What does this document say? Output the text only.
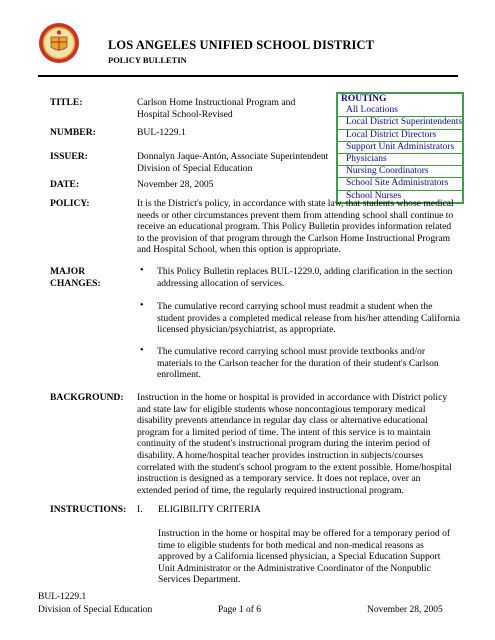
LOS ANGELES UNIFIED SCHOOL DISTRICT
POLICY BULLETIN
TITLE:	Carlson Home Instructional Program and
Hospital School-Revised
NUMBER:	BUL-1229.1
ISSUER:	Donnalyn Jaque-Antón, Associate Superintendent
Division of Special Education
DATE:	November 28, 2005
ROUTING
All Locations
Local District Superintendents
Local District Directors
Support Unit Administrators
Physicians
Nursing Coordinators
School Site Administrators
School Nurses
POLICY:	It is the District's policy, in accordance with state law, that students whose medical
needs or other circumstances prevent them from attending school shall continue to
receive an educational program. This Policy Bulletin provides information related
to the provision of that program through the Carlson Home Instructional Program
and Hospital School, when this option is appropriate.
MAJOR
CHANGES:
• This Policy Bulletin replaces BUL-1229.0, adding clarification in the section
addressing allocation of services.
• The cumulative record carrying school must readmit a student when the
student provides a completed medical release from his/her attending California
licensed physician/psychiatrist, as appropriate.
• The cumulative record carrying school must provide textbooks and/or
materials to the Carlson teacher for the duration of their student's Carlson
enrollment.
BACKGROUND: Instruction in the home or hospital is provided in accordance with District policy
and state law for eligible students whose noncontagious temporary medical
disability prevents attendance in regular day class or alternative educational
program for a limited period of time. The intent of this service is to maintain
continuity of the student's instructional program during the interim period of
disability. A home/hospital teacher provides instruction in subjects/courses
correlated with the student's school program to the extent possible. Home/hospital
instruction is designed as a temporary service. It does not replace, over an
extended period of time, the regularly required instructional program.
INSTRUCTIONS: I. ELIGIBILITY CRITERIA
Instruction in the home or hospital may be offered for a temporary period of
time to eligible students for both medical and non-medical reasons as
approved by a California licensed physician, a Special Education Support
Unit Administrator or the Administrative Coordinator of the Nonpublic
Services Department.
BUL-1229.1
Division of Special Education	Page 1 of 6	November 28, 2005
